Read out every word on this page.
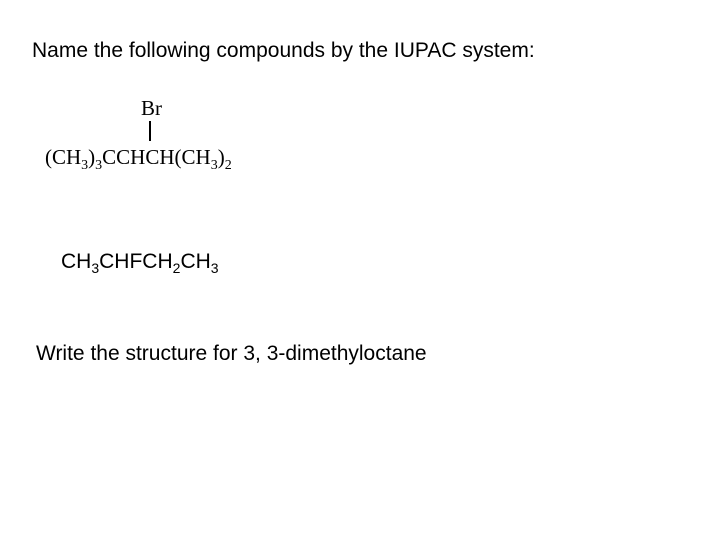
Name the following compounds by the IUPAC system:
Br
$(CH_3)_3CCHCH(CH_3)_2$
$CH_3CHFCH_2CH_3$
Write the structure for 3, 3-dimethyloctane
